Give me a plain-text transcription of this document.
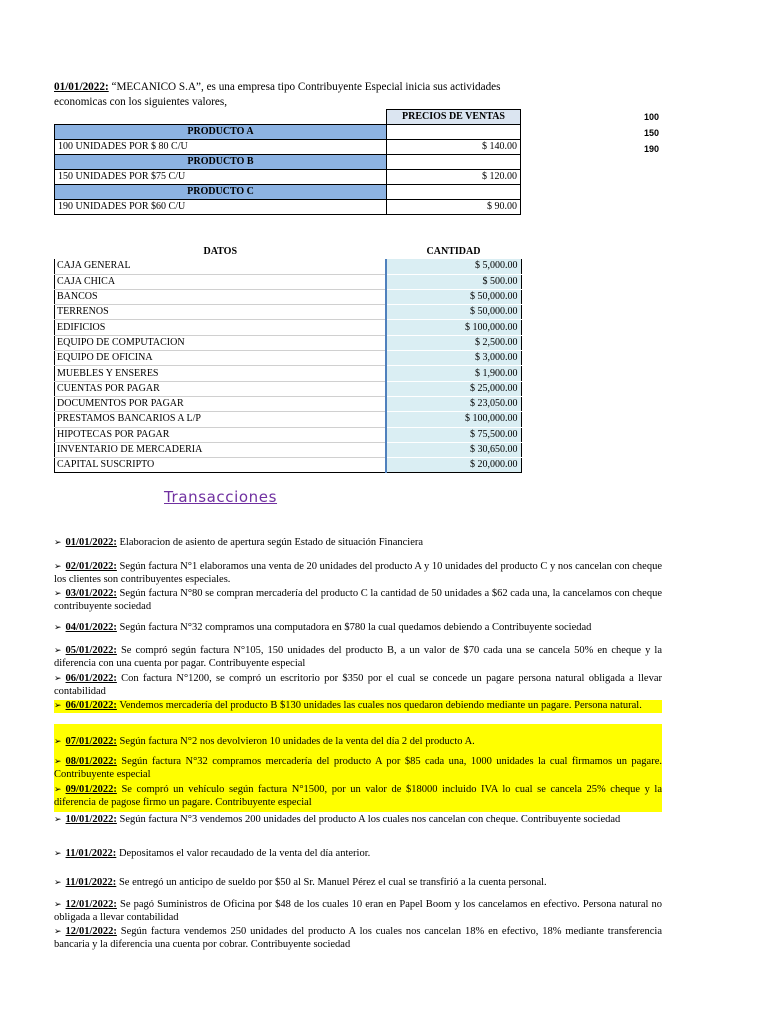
01/01/2022: “MECANICO S.A”, es una empresa tipo Contribuyente Especial inicia sus actividades economicas con los siguientes valores,
100
150
190
	PRECIOS DE VENTAS
PRODUCTO A	
100 UNIDADES POR $ 80 C/U	$ 140.00
PRODUCTO B	
150 UNIDADES POR $75 C/U	$ 120.00
PRODUCTO C	
190 UNIDADES POR $60 C/U	$ 90.00
DATOS	CANTIDAD
CAJA GENERAL	$ 5,000.00
CAJA CHICA	$ 500.00
BANCOS	$ 50,000.00
TERRENOS	$ 50,000.00
EDIFICIOS	$ 100,000.00
EQUIPO DE COMPUTACION	$ 2,500.00
EQUIPO DE OFICINA	$ 3,000.00
MUEBLES Y ENSERES	$ 1,900.00
CUENTAS POR PAGAR	$ 25,000.00
DOCUMENTOS POR PAGAR	$ 23,050.00
PRESTAMOS BANCARIOS A L/P	$ 100,000.00
HIPOTECAS POR PAGAR	$ 75,500.00
INVENTARIO DE MERCADERIA	$ 30,650.00
CAPITAL SUSCRIPTO	$ 20,000.00
Transacciones
➢ 01/01/2022: Elaboracion de asiento de apertura según Estado de situación Financiera
➢ 02/01/2022: Según factura N°1 elaboramos una venta de 20 unidades del producto A y 10 unidades del producto C y nos cancelan con cheque los clientes son contribuyentes especiales.
➢ 03/01/2022: Según factura N°80 se compran mercadería del producto C la cantidad de 50 unidades a $62 cada una, la cancelamos con cheque contribuyente sociedad
➢ 04/01/2022: Según factura N°32 compramos una computadora en $780 la cual quedamos debiendo a Contribuyente sociedad
➢ 05/01/2022: Se compró según factura N°105, 150 unidades del producto B, a un valor de $70 cada una se cancela 50% en cheque y la diferencia con una cuenta por pagar. Contribuyente especial
➢ 06/01/2022: Con factura N°1200, se compró un escritorio por $350 por el cual se concede un pagare persona natural obligada a llevar contabilidad
➢ 06/01/2022: Vendemos mercadería del producto B $130 unidades las cuales nos quedaron debiendo mediante un pagare. Persona natural.
➢ 07/01/2022: Según factura N°2 nos devolvieron 10 unidades de la venta del día 2 del producto A.
➢ 08/01/2022: Según factura N°32 compramos mercadería del producto A por $85 cada una, 1000 unidades la cual firmamos un pagare. Contribuyente especial
➢ 09/01/2022: Se compró un vehículo según factura N°1500, por un valor de $18000 incluido IVA lo cual se cancela 25% cheque y la diferencia de pagose firmo un pagare. Contribuyente especial
➢ 10/01/2022: Según factura N°3 vendemos 200 unidades del producto A los cuales nos cancelan con cheque. Contribuyente sociedad
➢ 11/01/2022: Depositamos el valor recaudado de la venta del día anterior.
➢ 11/01/2022: Se entregó un anticipo de sueldo por $50 al Sr. Manuel Pérez el cual se transfirió a la cuenta personal.
➢ 12/01/2022: Se pagó Suministros de Oficina por $48 de los cuales 10 eran en Papel Boom y los cancelamos en efectivo. Persona natural no obligada a llevar contabilidad
➢ 12/01/2022: Según factura vendemos 250 unidades del producto A los cuales nos cancelan 18% en efectivo, 18% mediante transferencia bancaria y la diferencia una cuenta por cobrar. Contribuyente sociedad
